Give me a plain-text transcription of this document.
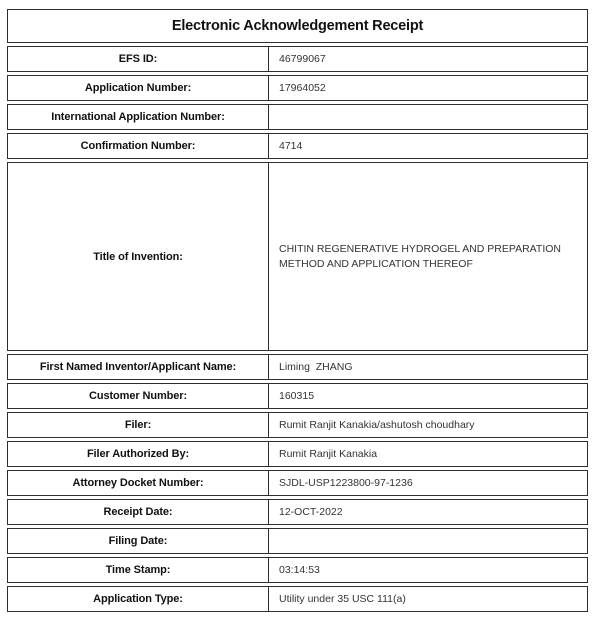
Electronic Acknowledgement Receipt
EFS ID:	46799067
Application Number:	17964052
International Application Number:
Confirmation Number:	4714
Title of Invention:
CHITIN REGENERATIVE HYDROGEL AND PREPARATION METHOD AND APPLICATION THEREOF
First Named Inventor/Applicant Name:	Liming  ZHANG
Customer Number:	160315
Filer:	Rumit Ranjit Kanakia/ashutosh choudhary
Filer Authorized By:	Rumit Ranjit Kanakia
Attorney Docket Number:	SJDL-USP1223800-97-1236
Receipt Date:	12-OCT-2022
Filing Date:
Time Stamp:	03:14:53
Application Type:	Utility under 35 USC 111(a)
